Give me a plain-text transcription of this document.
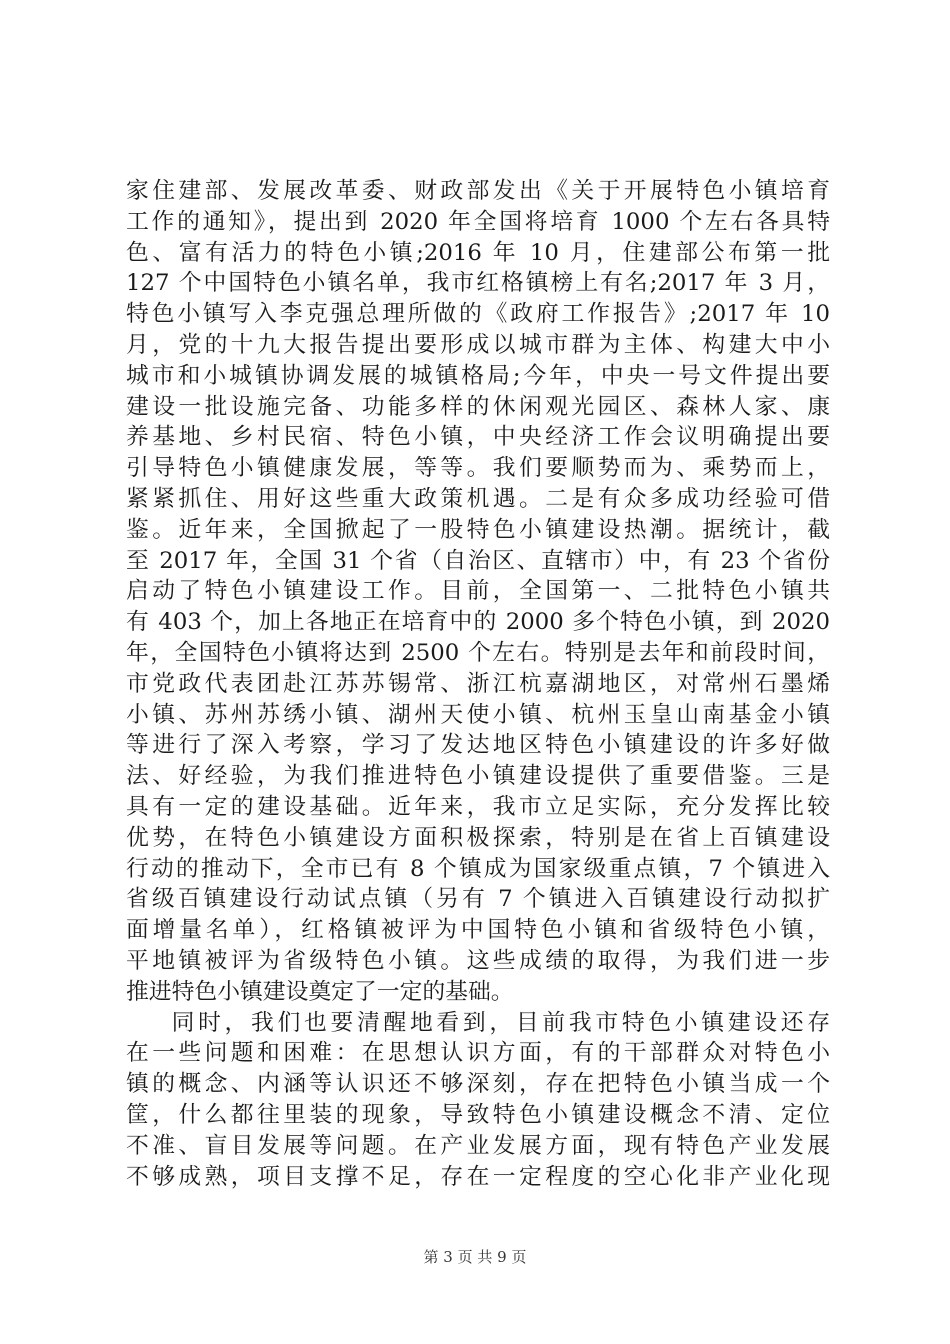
家住建部、发展改革委、财政部发出《关于开展特色小镇培育
工作的通知》，提出到 2020 年全国将培育 1000 个左右各具特
色、富有活力的特色小镇;2016 年 10 月，住建部公布第一批
127 个中国特色小镇名单，我市红格镇榜上有名;2017 年 3 月，
特色小镇写入李克强总理所做的《政府工作报告》;2017 年 10
月，党的十九大报告提出要形成以城市群为主体、构建大中小
城市和小城镇协调发展的城镇格局;今年，中央一号文件提出要
建设一批设施完备、功能多样的休闲观光园区、森林人家、康
养基地、乡村民宿、特色小镇，中央经济工作会议明确提出要
引导特色小镇健康发展，等等。我们要顺势而为、乘势而上，
紧紧抓住、用好这些重大政策机遇。二是有众多成功经验可借
鉴。近年来，全国掀起了一股特色小镇建设热潮。据统计，截
至 2017 年，全国 31 个省（自治区、直辖市）中，有 23 个省份
启动了特色小镇建设工作。目前，全国第一、二批特色小镇共
有 403 个，加上各地正在培育中的 2000 多个特色小镇，到 2020
年，全国特色小镇将达到 2500 个左右。特别是去年和前段时间，
市党政代表团赴江苏苏锡常、浙江杭嘉湖地区，对常州石墨烯
小镇、苏州苏绣小镇、湖州天使小镇、杭州玉皇山南基金小镇
等进行了深入考察，学习了发达地区特色小镇建设的许多好做
法、好经验，为我们推进特色小镇建设提供了重要借鉴。三是
具有一定的建设基础。近年来，我市立足实际，充分发挥比较
优势，在特色小镇建设方面积极探索，特别是在省上百镇建设
行动的推动下，全市已有 8 个镇成为国家级重点镇，7 个镇进入
省级百镇建设行动试点镇（另有 7 个镇进入百镇建设行动拟扩
面增量名单），红格镇被评为中国特色小镇和省级特色小镇，
平地镇被评为省级特色小镇。这些成绩的取得，为我们进一步
推进特色小镇建设奠定了一定的基础。
同时，我们也要清醒地看到，目前我市特色小镇建设还存
在一些问题和困难：在思想认识方面，有的干部群众对特色小
镇的概念、内涵等认识还不够深刻，存在把特色小镇当成一个
筐，什么都往里装的现象，导致特色小镇建设概念不清、定位
不准、盲目发展等问题。在产业发展方面，现有特色产业发展
不够成熟，项目支撑不足，存在一定程度的空心化非产业化现
第 3 页 共 9 页
